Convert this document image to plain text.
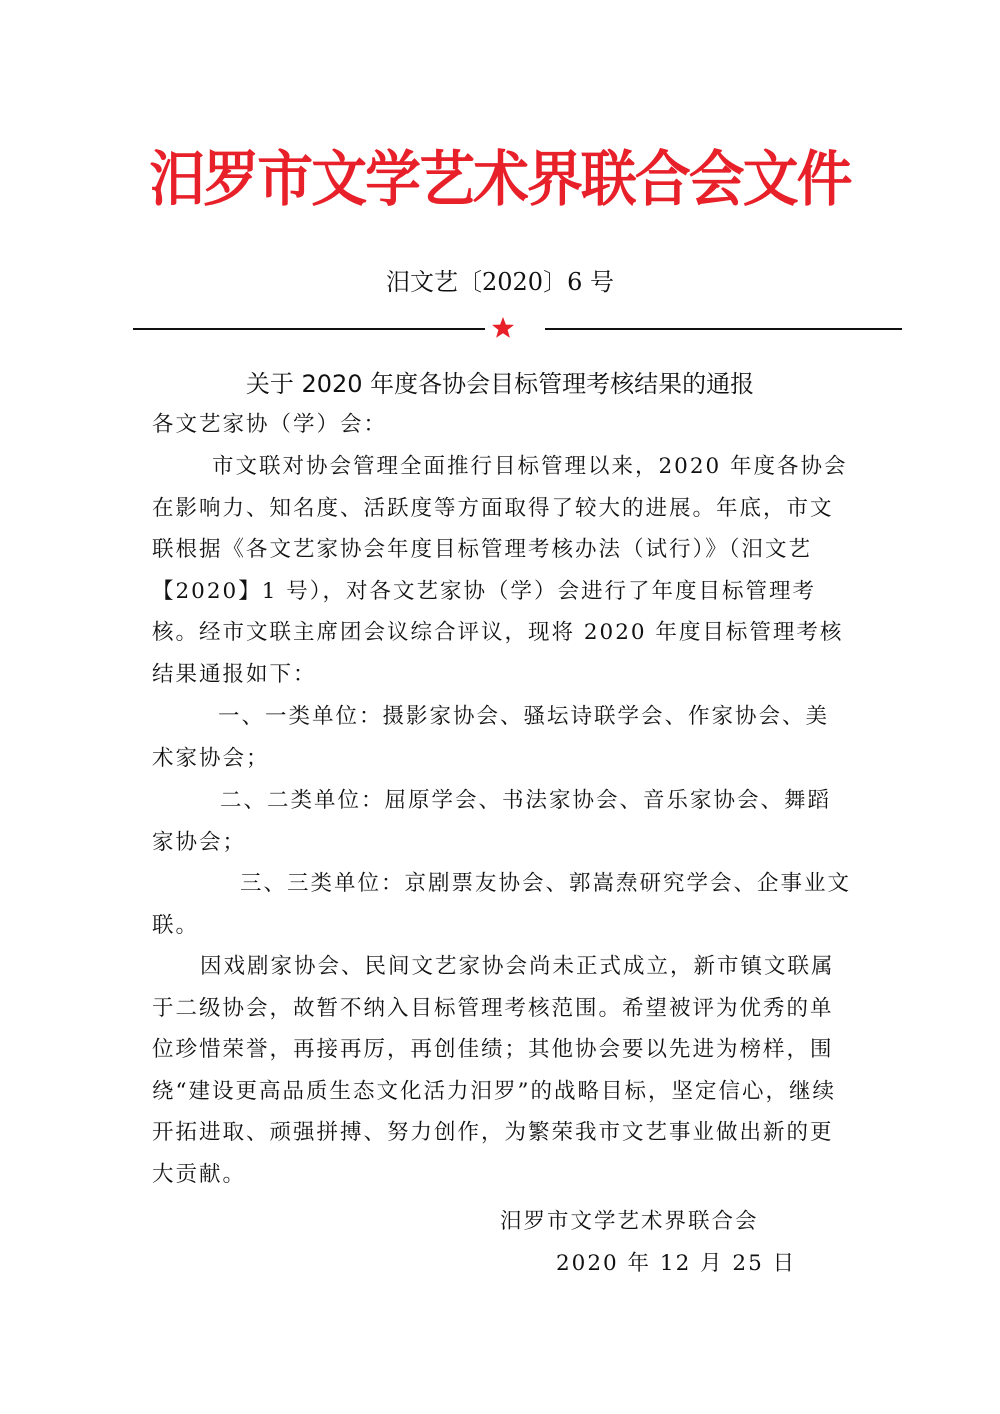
汨罗市文学艺术界联合会文件
汨文艺〔2020〕6 号
关于 2020 年度各协会目标管理考核结果的通报

各文艺家协（学）会：

市文联对协会管理全面推行目标管理以来，2020 年度各协会在影响力、知名度、活跃度等方面取得了较大的进展。年底，市文联根据《各文艺家协会年度目标管理考核办法（试行）》（汨文艺【2020】1 号），对各文艺家协（学）会进行了年度目标管理考核。经市文联主席团会议综合评议，现将 2020 年度目标管理考核结果通报如下：

一、一类单位：摄影家协会、骚坛诗联学会、作家协会、美术家协会；

二、二类单位：屈原学会、书法家协会、音乐家协会、舞蹈家协会；

三、三类单位：京剧票友协会、郭嵩焘研究学会、企事业文联。

因戏剧家协会、民间文艺家协会尚未正式成立，新市镇文联属于二级协会，故暂不纳入目标管理考核范围。希望被评为优秀的单位珍惜荣誉，再接再厉，再创佳绩；其他协会要以先进为榜样，围绕“建设更高品质生态文化活力汨罗”的战略目标，坚定信心，继续开拓进取、顽强拼搏、努力创作，为繁荣我市文艺事业做出新的更大贡献。

汨罗市文学艺术界联合会
2020 年 12 月 25 日
